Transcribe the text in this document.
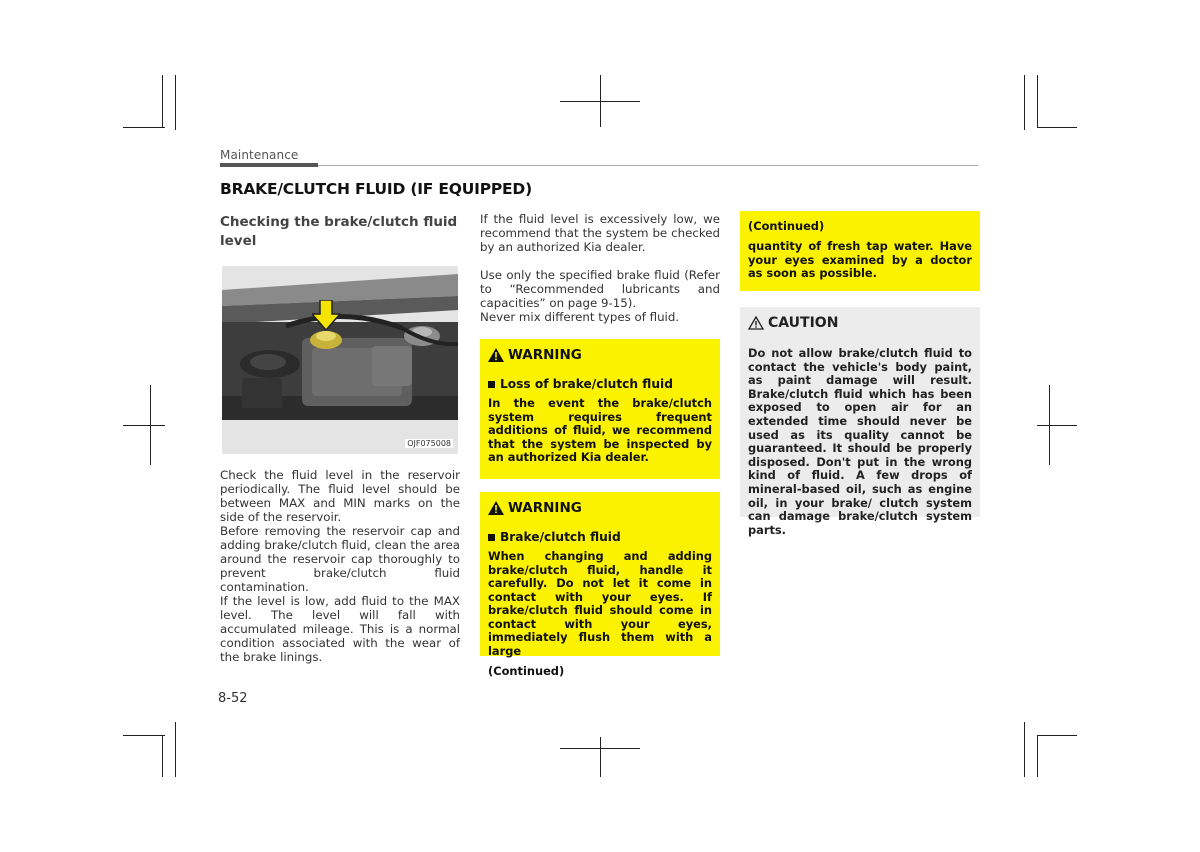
Maintenance
BRAKE/CLUTCH FLUID (IF EQUIPPED)
Checking the brake/clutch fluid level
OJF075008

Check the fluid level in the reservoir periodically. The fluid level should be between MAX and MIN marks on the side of the reservoir.

Before removing the reservoir cap and adding brake/clutch fluid, clean the area around the reservoir cap thoroughly to prevent brake/clutch fluid contamination.

If the level is low, add fluid to the MAX level. The level will fall with accumulated mileage. This is a normal condition associated with the wear of the brake linings.

If the fluid level is excessively low, we recommend that the system be checked by an authorized Kia dealer.

Use only the specified brake fluid (Refer to “Recommended lubricants and capacities” on page 9-15).

Never mix different types of fluid.

WARNING
Loss of brake/clutch fluid
In the event the brake/clutch system requires frequent additions of fluid, we recommend that the system be inspected by an authorized Kia dealer.
WARNING
Brake/clutch fluid
When changing and adding brake/clutch fluid, handle it carefully. Do not let it come in contact with your eyes. If brake/clutch fluid should come in contact with your eyes, immediately flush them with a large
(Continued)
(Continued)
quantity of fresh tap water. Have your eyes examined by a doctor as soon as possible.
CAUTION
Do not allow brake/clutch fluid to contact the vehicle's body paint, as paint damage will result. Brake/clutch fluid which has been exposed to open air for an extended time should never be used as its quality cannot be guaranteed. It should be properly disposed. Don't put in the wrong kind of fluid. A few drops of mineral-based oil, such as engine oil, in your brake/ clutch system can damage brake/clutch system parts.
8-52
